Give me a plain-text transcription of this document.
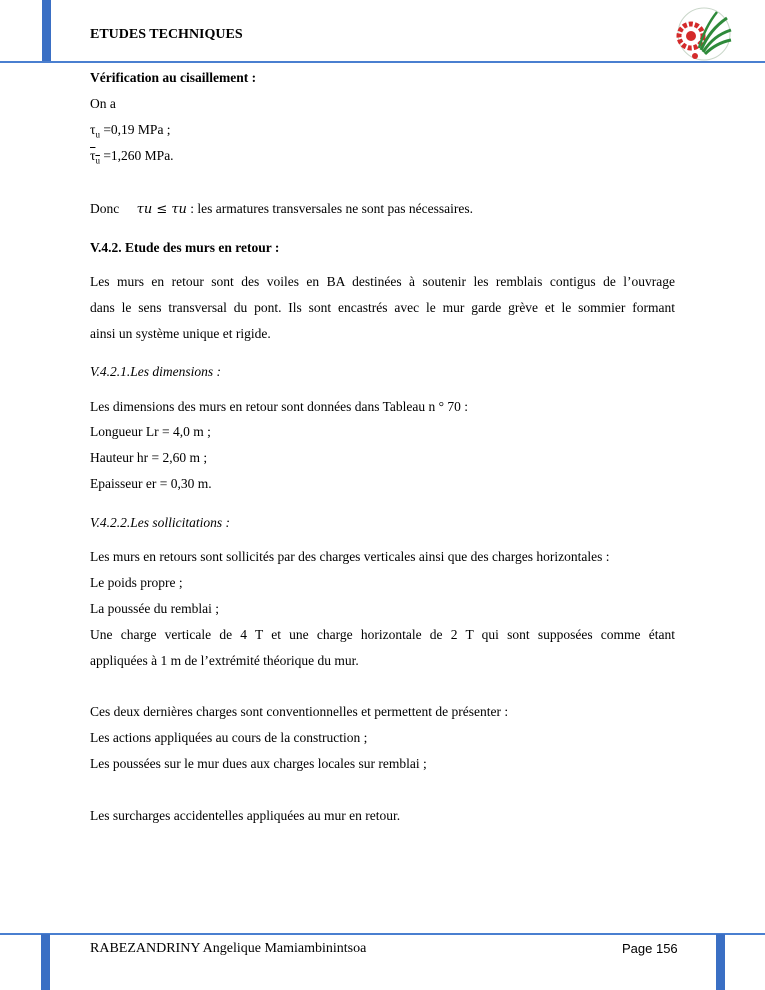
ETUDES TECHNIQUES
Vérification au cisaillement :
On a
$\tau_u =0,19$ MPa ;
$\tau_u =1,260$ MPa.
Donc τu ≤ τu : les armatures transversales ne sont pas nécessaires.
V.4.2. Etude des murs en retour :
Les murs en retour sont des voiles en BA destinées à soutenir les remblais contigus de l’ouvrage
dans le sens transversal du pont. Ils sont encastrés avec le mur garde grève et le sommier formant
ainsi un système unique et rigide.
V.4.2.1.Les dimensions :
Les dimensions des murs en retour sont données dans Tableau n ° 70 :
Longueur Lr = 4,0 m ;
Hauteur hr = 2,60 m ;
Epaisseur er = 0,30 m.
V.4.2.2.Les sollicitations :
Les murs en retours sont sollicités par des charges verticales ainsi que des charges horizontales :
Le poids propre ;
La poussée du remblai ;
Une charge verticale de 4 T et une charge horizontale de 2 T qui sont supposées comme étant
appliquées à 1 m de l’extrémité théorique du mur.
Ces deux dernières charges sont conventionnelles et permettent de présenter :
Les actions appliquées au cours de la construction ;
Les poussées sur le mur dues aux charges locales sur remblai ;
Les surcharges accidentelles appliquées au mur en retour.
RABEZANDRINY Angelique Mamiambinintsoa	Page 156
